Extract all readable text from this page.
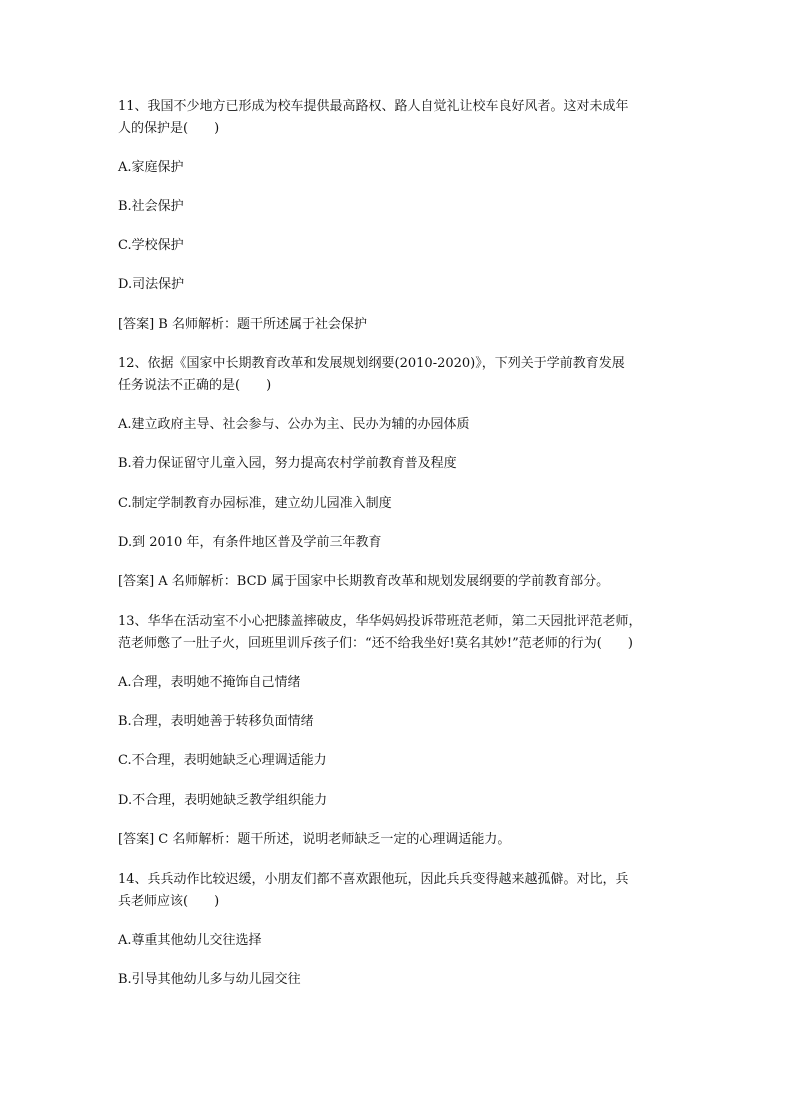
11、我国不少地方已形成为校车提供最高路权、路人自觉礼让校车良好风者。这对未成年
人的保护是(　　)
A.家庭保护
B.社会保护
C.学校保护
D.司法保护
[答案] B 名师解析：题干所述属于社会保护
12、依据《国家中长期教育改革和发展规划纲要(2010-2020)》，下列关于学前教育发展
任务说法不正确的是(　　)
A.建立政府主导、社会参与、公办为主、民办为辅的办园体质
B.着力保证留守儿童入园，努力提高农村学前教育普及程度
C.制定学制教育办园标准，建立幼儿园准入制度
D.到 2010 年，有条件地区普及学前三年教育
[答案] A 名师解析：BCD 属于国家中长期教育改革和规划发展纲要的学前教育部分。
13、华华在活动室不小心把膝盖摔破皮，华华妈妈投诉带班范老师，第二天园批评范老师，
范老师憋了一肚子火，回班里训斥孩子们：“还不给我坐好!莫名其妙!”范老师的行为(　　)
A.合理，表明她不掩饰自己情绪
B.合理，表明她善于转移负面情绪
C.不合理，表明她缺乏心理调适能力
D.不合理，表明她缺乏教学组织能力
[答案] C 名师解析：题干所述，说明老师缺乏一定的心理调适能力。
14、兵兵动作比较迟缓，小朋友们都不喜欢跟他玩，因此兵兵变得越来越孤僻。对比，兵
兵老师应该(　　)
A.尊重其他幼儿交往选择
B.引导其他幼儿多与幼儿园交往
